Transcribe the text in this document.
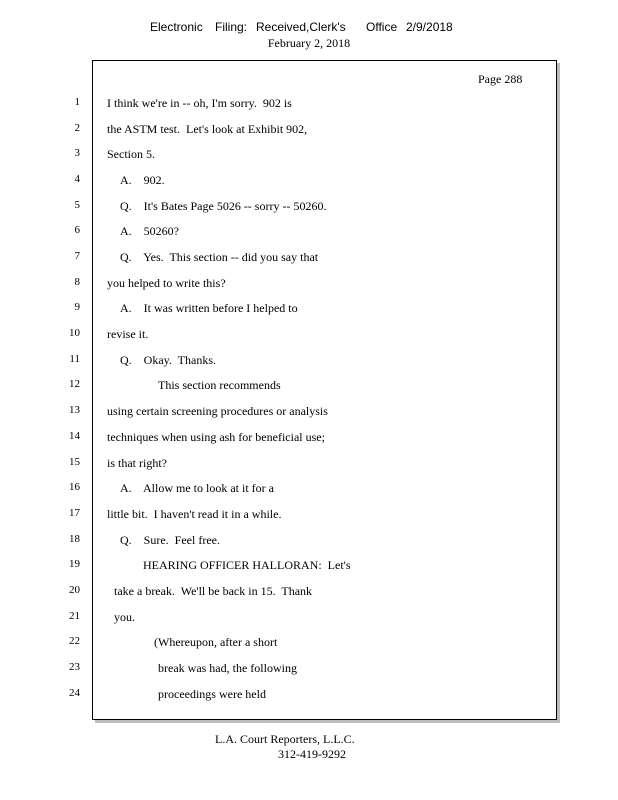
Electronic Filing: Received,Clerk's Office 2/9/2018
February 2, 2018
Page 288
1 I think we're in -- oh, I'm sorry.  902 is
2 the ASTM test.  Let's look at Exhibit 902,
3 Section 5.
4	A.    902.
5	Q.    It's Bates Page 5026 -- sorry -- 50260.
6	A.    50260?
7	Q.    Yes.  This section -- did you say that
8 you helped to write this?
9	A.    It was written before I helped to
10 revise it.
11	Q.    Okay.  Thanks.
12	This section recommends
13 using certain screening procedures or analysis
14 techniques when using ash for beneficial use;
15 is that right?
16	A.    Allow me to look at it for a
17 little bit.  I haven't read it in a while.
18	Q.    Sure.  Feel free.
19	HEARING OFFICER HALLORAN:  Let's
20	take a break.  We'll be back in 15.  Thank
21	you.
22	(Whereupon, after a short
23	break was had, the following
24	proceedings were held
L.A. Court Reporters, L.L.C.
312-419-9292
